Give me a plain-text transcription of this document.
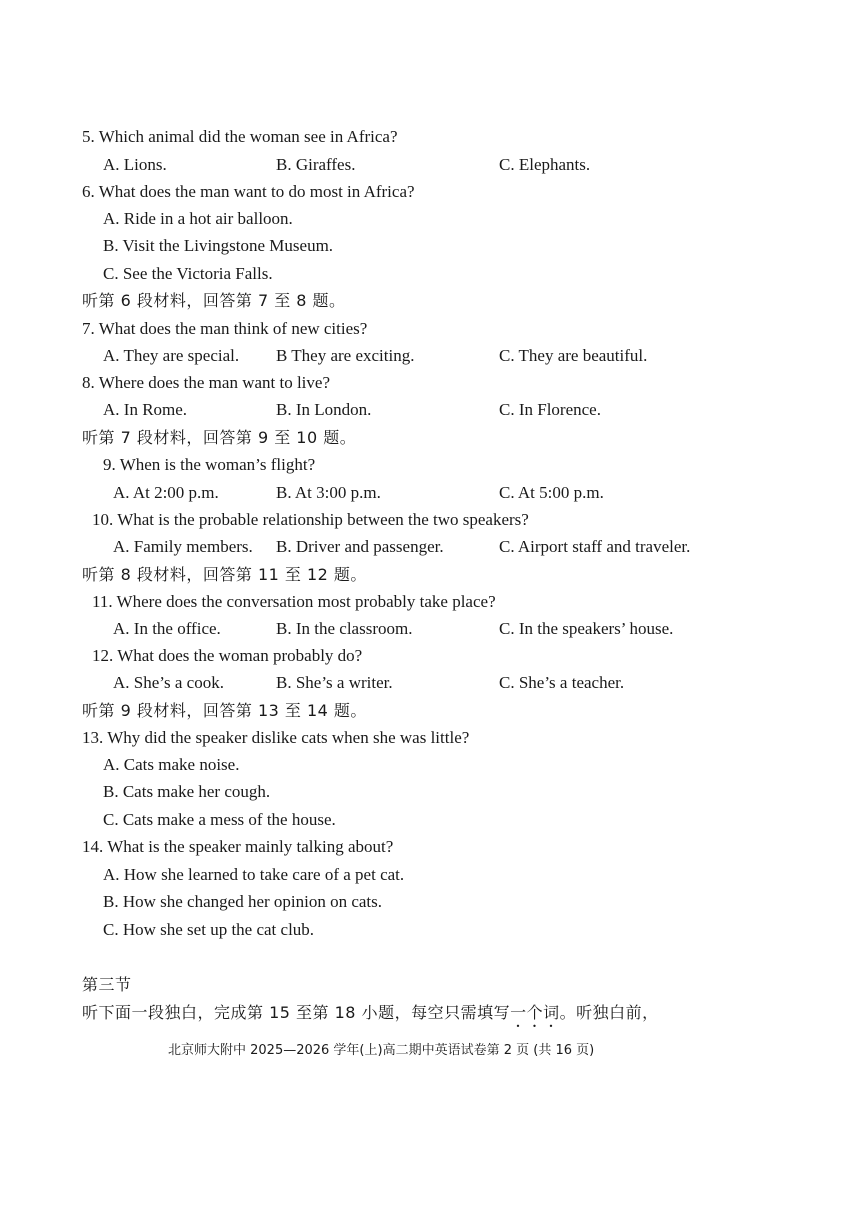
5. Which animal did the woman see in Africa?
A. Lions.	B. Giraffes.	C. Elephants.
6. What does the man want to do most in Africa?
A. Ride in a hot air balloon.
B. Visit the Livingstone Museum.
C. See the Victoria Falls.
听第 6 段材料，回答第 7 至 8 题。
7. What does the man think of new cities?
A. They are special. B They are exciting.	C. They are beautiful.
8. Where does the man want to live?
A. In Rome.	B. In London.	C. In Florence.
听第 7 段材料，回答第 9 至 10 题。
9. When is the woman’s flight?
A. At 2:00 p.m.	B. At 3:00 p.m.	C. At 5:00 p.m.
10. What is the probable relationship between the two speakers?
A. Family members. B. Driver and passenger.	C. Airport staff and traveler.
听第 8 段材料，回答第 11 至 12 题。
11. Where does the conversation most probably take place?
A. In the office.	B. In the classroom.	C. In the speakers’ house.
12. What does the woman probably do?
A. She’s a cook.	B. She’s a writer.	C. She’s a teacher.
听第 9 段材料，回答第 13 至 14 题。
13. Why did the speaker dislike cats when she was little?
A. Cats make noise.
B. Cats make her cough.
C. Cats make a mess of the house.
14. What is the speaker mainly talking about?
A. How she learned to take care of a pet cat.
B. How she changed her opinion on cats.
C. How she set up the cat club.
第三节
听下面一段独白，完成第 15 至第 18 小题，每空只需填写一个词。听独白前，
北京师大附中 2025—2026 学年(上)高二期中英语试卷第 2 页 (共 16 页)
